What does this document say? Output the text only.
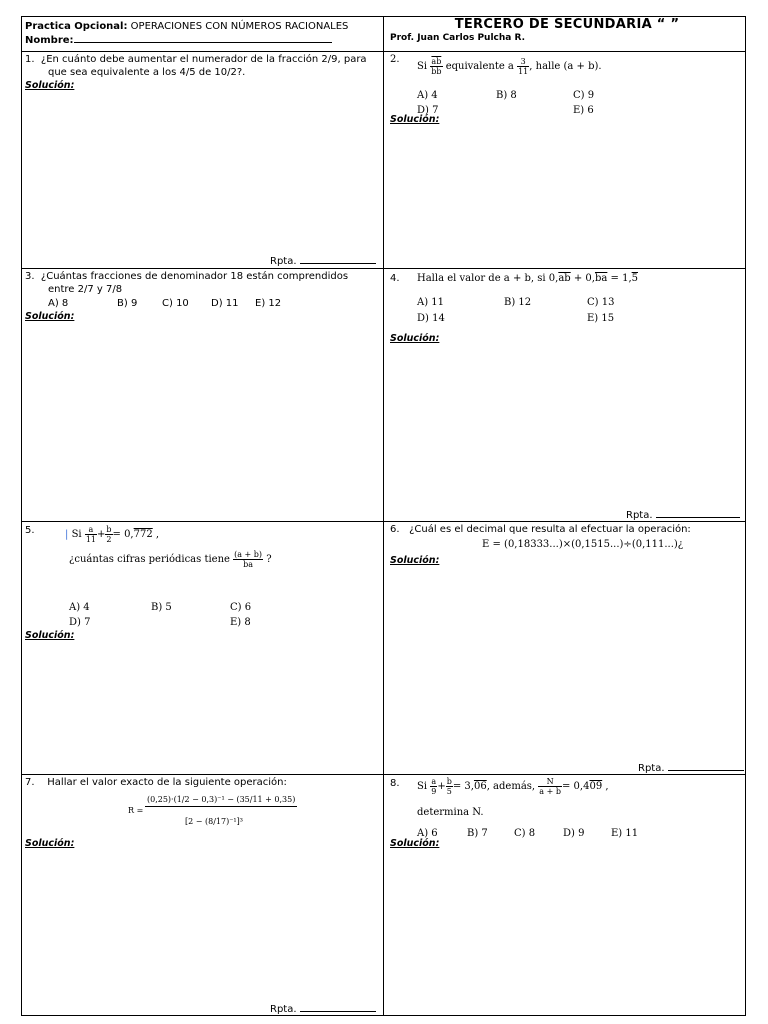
Practica Opcional: OPERACIONES CON NÚMEROS RACIONALES
Nombre:
TERCERO DE SECUNDARIA “ ”
Prof. Juan Carlos Pulcha R.
1. ¿En cuánto debe aumentar el numerador de la fracción 2/9, para
que sea equivalente a los 4/5 de 10/2?.
Solución:
Rpta.
2.
Si $\frac{\overline{ab}}{bb}$ equivalente a $\frac{3}{11}$ , halle (a + b).
A) 4	B) 8	C) 9
D) 7	E) 6
Solución:
3. ¿Cuántas fracciones de denominador 18 están comprendidos
entre 2/7 y 7/8
A) 8	B) 9 C) 10 D) 11 E) 12
Solución:
4. Halla el valor de a + b, si $0,\overline{ab} + 0,\overline{ba} = 1,5$
A) 11	B) 12	C) 13
D) 14	E) 15
Solución:
Rpta.
5.	| Si $\frac{a}{11} + \frac{b}{2} = 0,772$ ,
¿cuántas cifras periódicas tiene $\frac{(a + b)}{ba}$ ?
A) 4	B) 5	C) 6
D) 7	E) 8
Solución:
6. ¿Cuál es el decimal que resulta al efectuar la operación:
E = (0,18333...)×(0,1515...)÷(0,111...)¿
Solución:
Rpta.
7. Hallar el valor exacto de la siguiente operación:
R =
(0,25)·(1/2 − 0,3)⁻¹ − (35/11 + 0,35)
[2 − (8/17)⁻¹]³
Solución:
Rpta.
8. Si $\frac{a}{9} + \frac{b}{5} = 3,06$, además, $\frac{N}{a + b} = 0,409$ ,
determina N.
A) 6	B) 7	C) 8	D) 9	E) 11
Solución:
